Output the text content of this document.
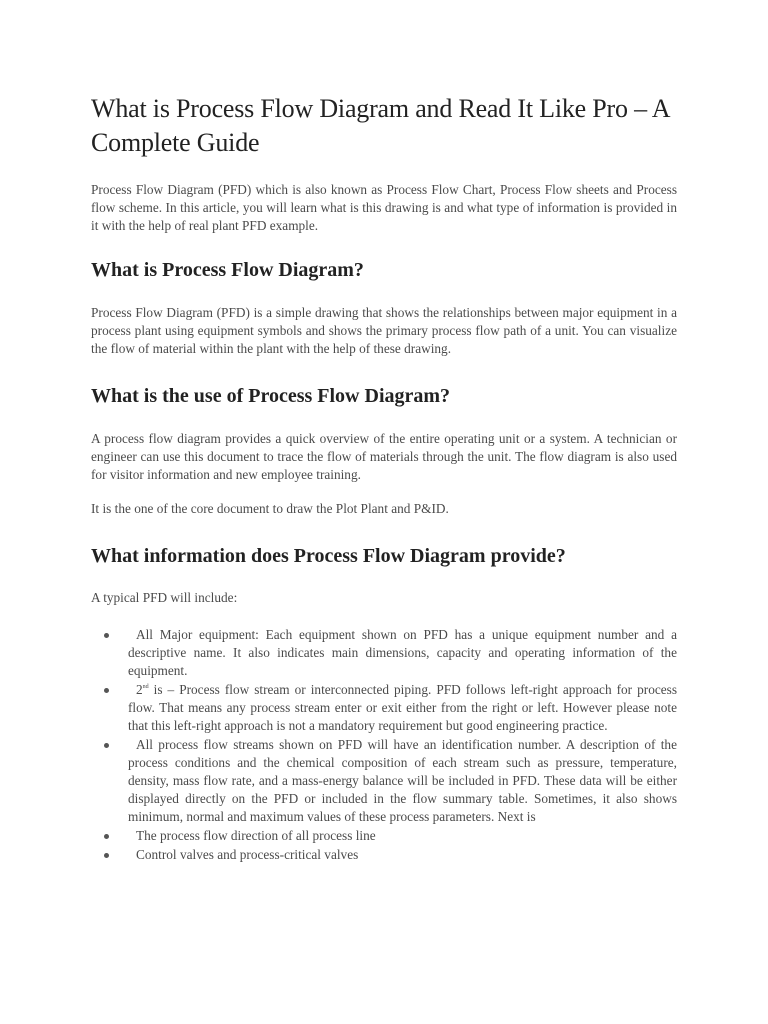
What is Process Flow Diagram and Read It Like Pro – A Complete Guide

Process Flow Diagram (PFD) which is also known as Process Flow Chart, Process Flow sheets and Process flow scheme. In this article, you will learn what is this drawing is and what type of information is provided in it with the help of real plant PFD example.

What is Process Flow Diagram?

Process Flow Diagram (PFD) is a simple drawing that shows the relationships between major equipment in a process plant using equipment symbols and shows the primary process flow path of a unit. You can visualize the flow of material within the plant with the help of these drawing.

What is the use of Process Flow Diagram?

A process flow diagram provides a quick overview of the entire operating unit or a system. A technician or engineer can use this document to trace the flow of materials through the unit. The flow diagram is also used for visitor information and new employee training.

It is the one of the core document to draw the Plot Plant and P&ID.

What information does Process Flow Diagram provide?

A typical PFD will include:

All Major equipment: Each equipment shown on PFD has a unique equipment number and a descriptive name. It also indicates main dimensions, capacity and operating information of the equipment.
2nd is – Process flow stream or interconnected piping. PFD follows left-right approach for process flow. That means any process stream enter or exit either from the right or left. However please note that this left-right approach is not a mandatory requirement but good engineering practice.
All process flow streams shown on PFD will have an identification number. A description of the process conditions and the chemical composition of each stream such as pressure, temperature, density, mass flow rate, and a mass-energy balance will be included in PFD. These data will be either displayed directly on the PFD or included in the flow summary table. Sometimes, it also shows minimum, normal and maximum values of these process parameters. Next is
The process flow direction of all process line
Control valves and process-critical valves
